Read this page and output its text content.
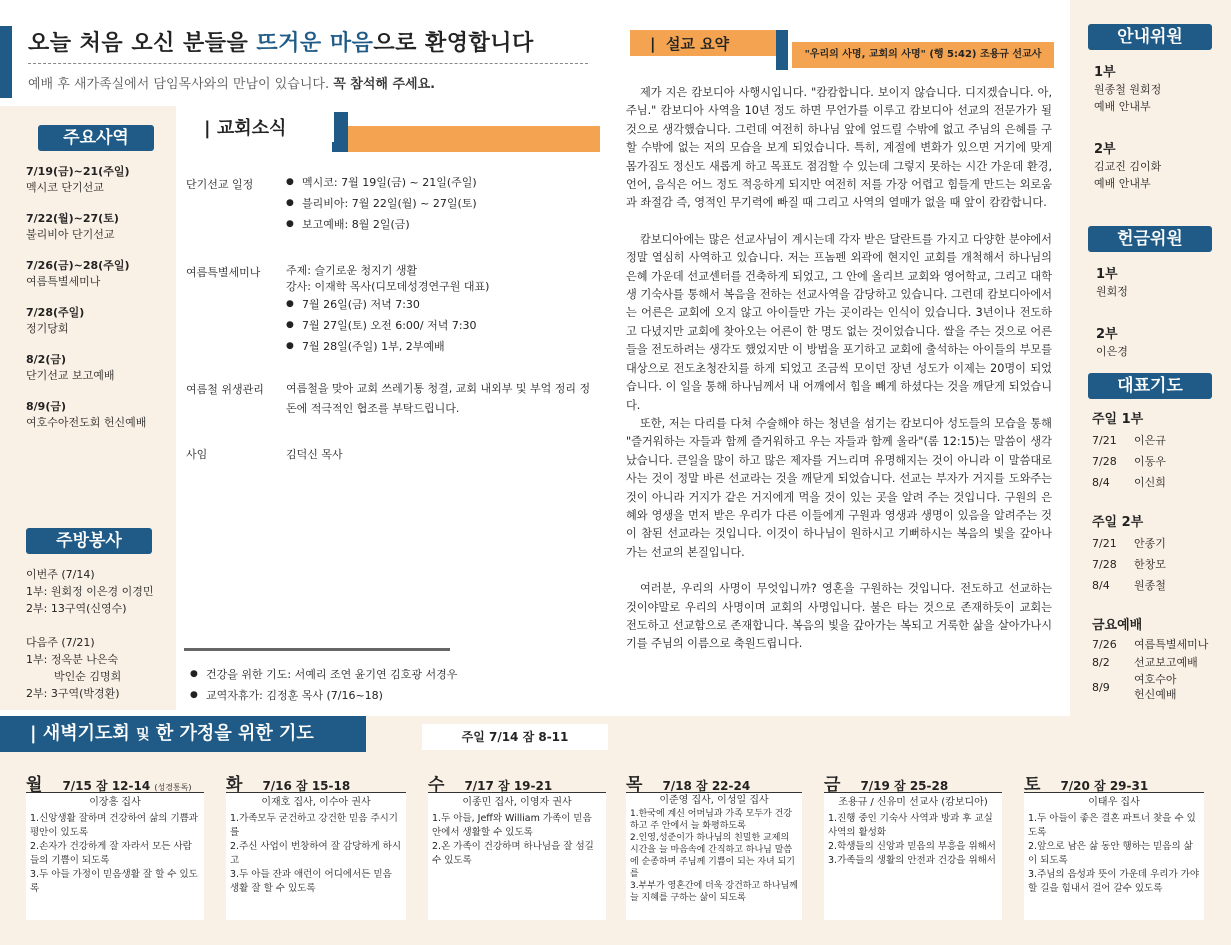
오늘 처음 오신 분들을 뜨거운 마음으로 환영합니다
예배 후 새가족실에서 담임목사와의 만남이 있습니다. 꼭 참석해 주세요.
주요사역
7/19(금)~21(주일)
멕시코 단기선교
7/22(월)~27(토)
불리비아 단기선교
7/26(금)~28(주일)
여름특별세미나
7/28(주일)
정기당회
8/2(금)
단기선교 보고예배
8/9(금)
여호수아전도회 헌신예배
주방봉사
이번주 (7/14)
1부: 원회정 이은경 이경민
2부: 13구역(신영수)
다음주 (7/21)
1부: 정옥분 나은숙
박인순 김명희
2부: 3구역(박경환)
| 교회소식
단기선교 일정
●	멕시코: 7월 19일(금) ~ 21일(주일)
● 블리비아: 7월 22일(월) ~ 27일(토)
● 보고예배: 8월 2일(금)
여름특별세미나 주제: 슬기로운 청지기 생활
강사: 이재학 목사(디모데성경연구원 대표)
● 7월 26일(금) 저녁 7:30
● 7월 27일(토) 오전 6:00/ 저녁 7:30
● 7월 28일(주일) 1부, 2부예배
여름철 위생관리 여름철을 맞아 교회 쓰레기통 청결, 교회 내외부 및 부엌 정리 정돈에 적극적인 협조를 부탁드립니다.
사임	김덕신 목사
● 건강을 위한 기도: 서예리 조연 윤기연 김호광 서경우
● 교역자휴가: 김정훈 목사 (7/16~18)
|  설교 요약
"우리의 사명, 교회의 사명" (행 5:42) 조용규 선교사

제가 지은 캄보디아 사행시입니다. "캄캄합니다. 보이지 않습니다. 디지겠습니다. 아, 주님." 캄보디아 사역을 10년 정도 하면 무언가를 이루고 캄보디아 선교의 전문가가 될 것으로 생각했습니다. 그런데 여전히 하나님 앞에 엎드릴 수밖에 없고 주님의 은혜를 구할 수밖에 없는 저의 모습을 보게 되었습니다. 특히, 계절에 변화가 있으면 거기에 맞게 몸가짐도 정신도 새롭게 하고 목표도 점검할 수 있는데 그렇지 못하는 시간 가운데 환경, 언어, 음식은 어느 정도 적응하게 되지만 여전히 저를 가장 어렵고 힘들게 만드는 외로움과 좌절감 즉, 영적인 무기력에 빠질 때 그리고 사역의 열매가 없을 때 앞이 캄캄합니다.

캄보디아에는 많은 선교사님이 계시는데 각자 받은 달란트를 가지고 다양한 분야에서 정말 열심히 사역하고 있습니다. 저는 프놈펜 외곽에 현지인 교회를 개척해서 하나님의 은혜 가운데 선교센터를 건축하게 되었고, 그 안에 올리브 교회와 영어학교, 그리고 대학생 기숙사를 통해서 복음을 전하는 선교사역을 감당하고 있습니다. 그런데 캄보디아에서는 어른은 교회에 오지 않고 아이들만 가는 곳이라는 인식이 있습니다. 3년이나 전도하고 다녔지만 교회에 찾아오는 어른이 한 명도 없는 것이었습니다. 쌀을 주는 것으로 어른들을 전도하려는 생각도 했었지만 이 방법을 포기하고 교회에 출석하는 아이들의 부모를 대상으로 전도초청잔치를 하게 되었고 조금씩 모이던 장년 성도가 이제는 20명이 되었습니다. 이 일을 통해 하나님께서 내 어깨에서 힘을 빼게 하셨다는 것을 깨닫게 되었습니다.

또한, 저는 다리를 다쳐 수술해야 하는 청년을 섬기는 캄보디아 성도들의 모습을 통해 "즐거워하는 자들과 함께 즐거워하고 우는 자들과 함께 울라"(롬 12:15)는 말씀이 생각났습니다. 큰일을 많이 하고 많은 제자를 거느리며 유명해지는 것이 아니라 이 말씀대로 사는 것이 정말 바른 선교라는 것을 깨닫게 되었습니다. 선교는 부자가 거지를 도와주는 것이 아니라 거지가 같은 거지에게 먹을 것이 있는 곳을 알려 주는 것입니다. 구원의 은혜와 영생을 먼저 받은 우리가 다른 이들에게 구원과 영생과 생명이 있음을 알려주는 것이 참된 선교라는 것입니다. 이것이 하나님이 원하시고 기뻐하시는 복음의 빛을 갚아나가는 선교의 본질입니다.

여러분, 우리의 사명이 무엇입니까? 영혼을 구원하는 것입니다. 전도하고 선교하는 것이야말로 우리의 사명이며 교회의 사명입니다. 불은 타는 것으로 존재하듯이 교회는 전도하고 선교함으로 존재합니다. 복음의 빛을 갚아가는 복되고 거룩한 삶을 살아가나시기를 주님의 이름으로 축원드립니다.

안내위원
1부
원종철 원회정
예배 안내부
2부
김교진 김이화
예배 안내부
헌금위원
1부
원회정
2부
이은경
대표기도
주일 1부
7/21	이은규
7/28	이동우
8/4	이신희
주일 2부
7/21	안종기
7/28	한창모
8/4	원종철
금요예배
7/26	여름특별세미나
8/2	선교보고예배
8/9
여호수아 헌신예배
| 새벽기도회 및 한 가정을 위한 기도	주일 7/14 잠 8-11
월 7/15 잠 12-14 (성경통독)
이장흥 집사
1.신앙생활 잘하며 건강하여 삶의 기쁨과 평안이 있도록
2.손자가 건강하게 잘 자라서 모든 사람들의 기쁨이 되도록
3.두 아들 가정이 믿음생활 잘 할 수 있도록
화 7/16 잠 15-18
이재호 집사, 이수아 권사
1.가족모두 굳건하고 강건한 믿음 주시기를
2.주신 사업이 번창하여 잘 감당하게 하시고
3.두 아들 잔과 애런이 어디에서든 믿음 생활 잘 할 수 있도록
수 7/17 잠 19-21
이종민 집사, 이영자 권사
1.두 아들, Jeff와 William 가족이 믿음 안에서 생활할 수 있도록
2.온 가족이 건강하며 하나님을 잘 섬길 수 있도록
목 7/18 잠 22-24
이준영 집사, 이성일 집사
1.한국에 계신 어머님과 가족 모두가 건강하고 주 안에서 늘 화평하도록
2.인영,성준이가 하나님의 친밀한 교제의 시간을 늘 마음속에 간직하고 하나님 말씀에 순종하며 주님께 기쁨이 되는 자녀 되기를
3.부부가 영혼간에 더욱 강건하고 하나님께 늘 지혜를 구하는 삶이 되도록
금 7/19 잠 25-28
조용규 / 신유미 선교사 (캄보디아)
1.진행 중인 기숙사 사역과 방과 후 교실 사역의 활성화
2.학생들의 신앙과 믿음의 부흥을 위해서
3.가족들의 생활의 안전과 건강을 위해서
토 7/20 잠 29-31
이태우 집사
1.두 아들이 좋은 결혼 파트너 찾을 수 있도록
2.앞으로 남은 삶 동안 행하는 믿음의 삶이 되도록
3.주님의 음성과 뜻이 가운데 우리가 가야 할 길을 힘내서 걸어 갈수 있도록
